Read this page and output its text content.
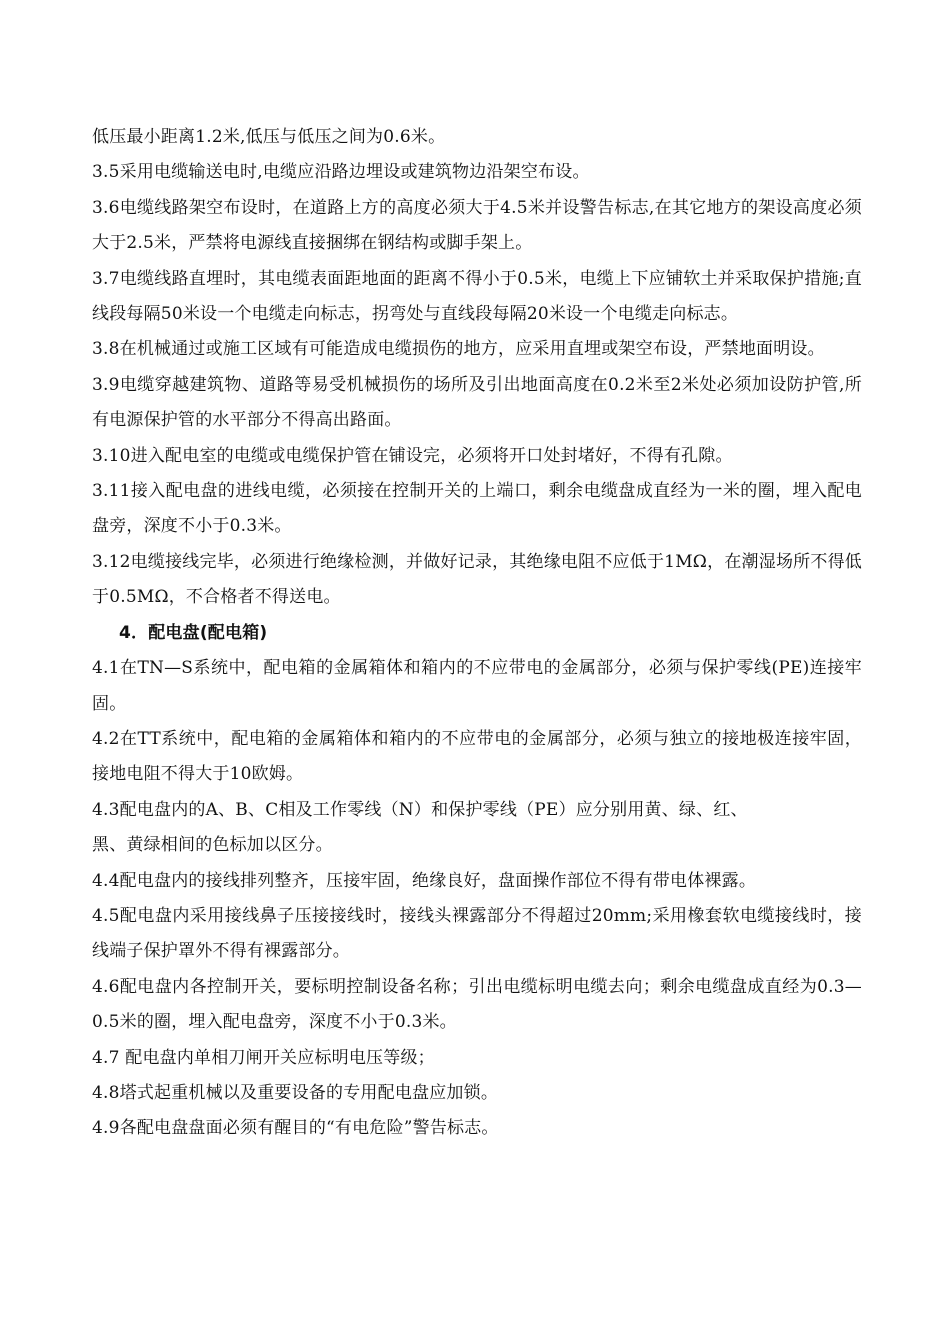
低压最小距离1.2米,低压与低压之间为0.6米。

3.5采用电缆输送电时,电缆应沿路边埋设或建筑物边沿架空布设。

3.6电缆线路架空布设时，在道路上方的高度必须大于4.5米并设警告标志,在其它地方的架设高度必须大于2.5米，严禁将电源线直接捆绑在钢结构或脚手架上。

3.7电缆线路直埋时，其电缆表面距地面的距离不得小于0.5米，电缆上下应铺软土并采取保护措施;直线段每隔50米设一个电缆走向标志，拐弯处与直线段每隔20米设一个电缆走向标志。

3.8在机械通过或施工区域有可能造成电缆损伤的地方，应采用直埋或架空布设，严禁地面明设。

3.9电缆穿越建筑物、道路等易受机械损伤的场所及引出地面高度在0.2米至2米处必须加设防护管,所有电源保护管的水平部分不得高出路面。

3.10进入配电室的电缆或电缆保护管在铺设完，必须将开口处封堵好，不得有孔隙。

3.11接入配电盘的进线电缆，必须接在控制开关的上端口，剩余电缆盘成直经为一米的圈，埋入配电盘旁，深度不小于0.3米。

3.12电缆接线完毕，必须进行绝缘检测，并做好记录，其绝缘电阻不应低于1MΩ，在潮湿场所不得低于0.5MΩ，不合格者不得送电。

4．配电盘(配电箱)

4.1在TN—S系统中，配电箱的金属箱体和箱内的不应带电的金属部分，必须与保护零线(PE)连接牢固。

4.2在TT系统中，配电箱的金属箱体和箱内的不应带电的金属部分，必须与独立的接地极连接牢固，接地电阻不得大于10欧姆。

4.3配电盘内的A、B、C相及工作零线（N）和保护零线（PE）应分别用黄、绿、红、

黑、黄绿相间的色标加以区分。

4.4配电盘内的接线排列整齐，压接牢固，绝缘良好，盘面操作部位不得有带电体裸露。

4.5配电盘内采用接线鼻子压接接线时，接线头裸露部分不得超过20mm;采用橡套软电缆接线时，接线端子保护罩外不得有裸露部分。

4.6配电盘内各控制开关，要标明控制设备名称；引出电缆标明电缆去向；剩余电缆盘成直经为0.3—0.5米的圈，埋入配电盘旁，深度不小于0.3米。

4.7 配电盘内单相刀闸开关应标明电压等级；

4.8塔式起重机械以及重要设备的专用配电盘应加锁。

4.9各配电盘盘面必须有醒目的“有电危险”警告标志。
